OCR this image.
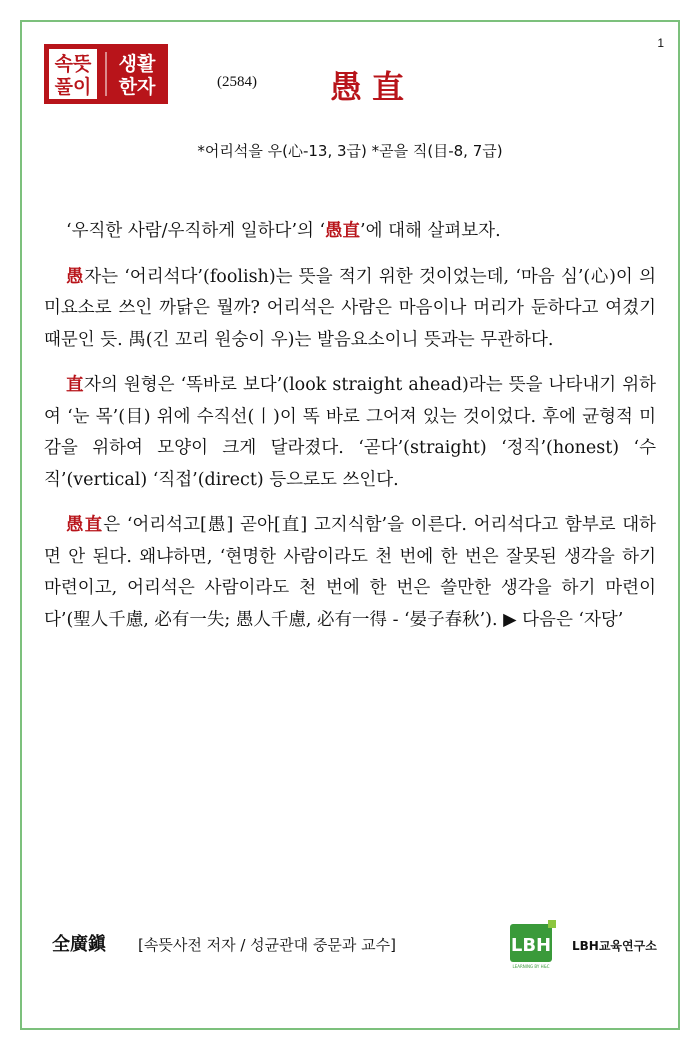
1
속뜻
풀이
생활
한자	(2584) 愚直
*어리석을 우(心-13, 3급) *곧을 직(目-8, 7급)

‘우직한 사람/우직하게 일하다’의 ‘愚直’에 대해 살펴보자.

愚자는 ‘어리석다’(foolish)는 뜻을 적기 위한 것이었는데, ‘마음 심’(心)이 의미요소로 쓰인 까닭은 뭘까? 어리석은 사람은 마음이나 머리가 둔하다고 여겼기 때문인 듯. 禺(긴 꼬리 원숭이 우)는 발음요소이니 뜻과는 무관하다.

直자의 원형은 ‘똑바로 보다’(look straight ahead)라는 뜻을 나타내기 위하여 ‘눈 목’(目) 위에 수직선(丨)이 똑 바로 그어져 있는 것이었다. 후에 균형적 미감을 위하여 모양이 크게 달라졌다. ‘곧다’(straight) ‘정직’(honest) ‘수직’(vertical) ‘직접’(direct) 등으로도 쓰인다.

愚直은 ‘어리석고[愚] 곧아[直] 고지식함’을 이른다. 어리석다고 함부로 대하면 안 된다. 왜냐하면, ‘현명한 사람이라도 천 번에 한 번은 잘못된 생각을 하기 마련이고, 어리석은 사람이라도 천 번에 한 번은 쓸만한 생각을 하기 마련이다’(聖人千慮, 必有一失; 愚人千慮, 必有一得 - ‘晏子春秋’). ▶ 다음은 ‘자당’

全廣鎭 [속뜻사전 저자 / 성균관대 중문과 교수]	LBH
LEARNING BY H&C
LBH교육연구소
